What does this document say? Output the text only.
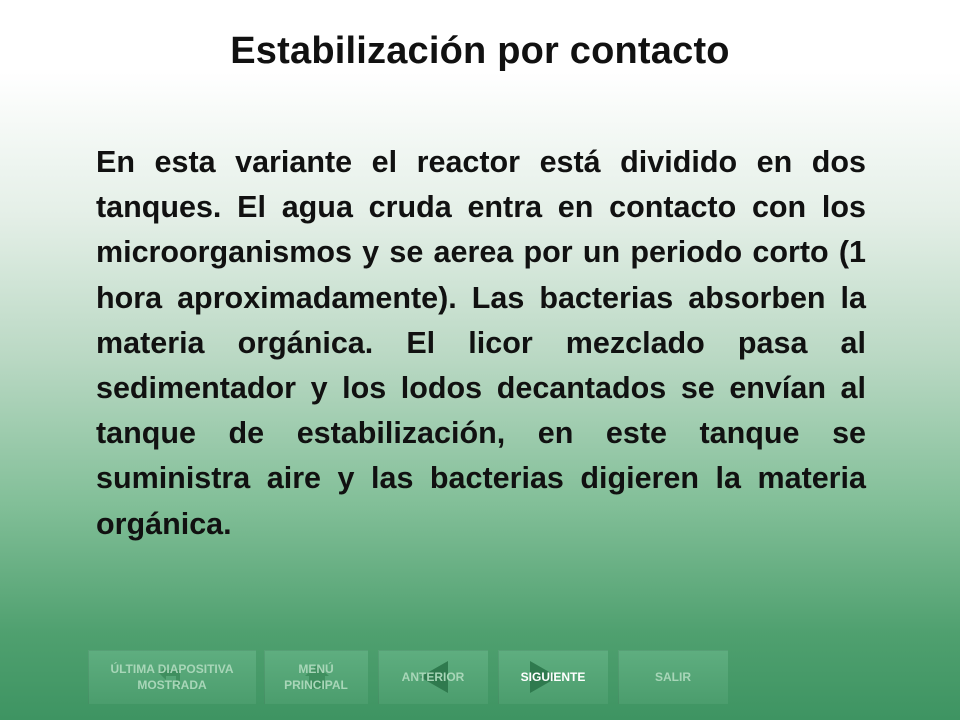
Estabilización por contacto

En esta variante el reactor está dividido en dos tanques. El agua cruda entra en contacto con los microorganismos y se aerea por un periodo corto (1 hora aproximadamente). Las bacterias absorben la materia orgánica. El licor mezclado pasa al sedimentador y los lodos decantados se envían al tanque de estabilización, en este tanque se suministra aire y las bacterias digieren la materia orgánica.

ÚLTIMA DIAPOSITIVA
MOSTRADA
MENÚ
PRINCIPAL
ANTERIOR	SIGUIENTE	SALIR
